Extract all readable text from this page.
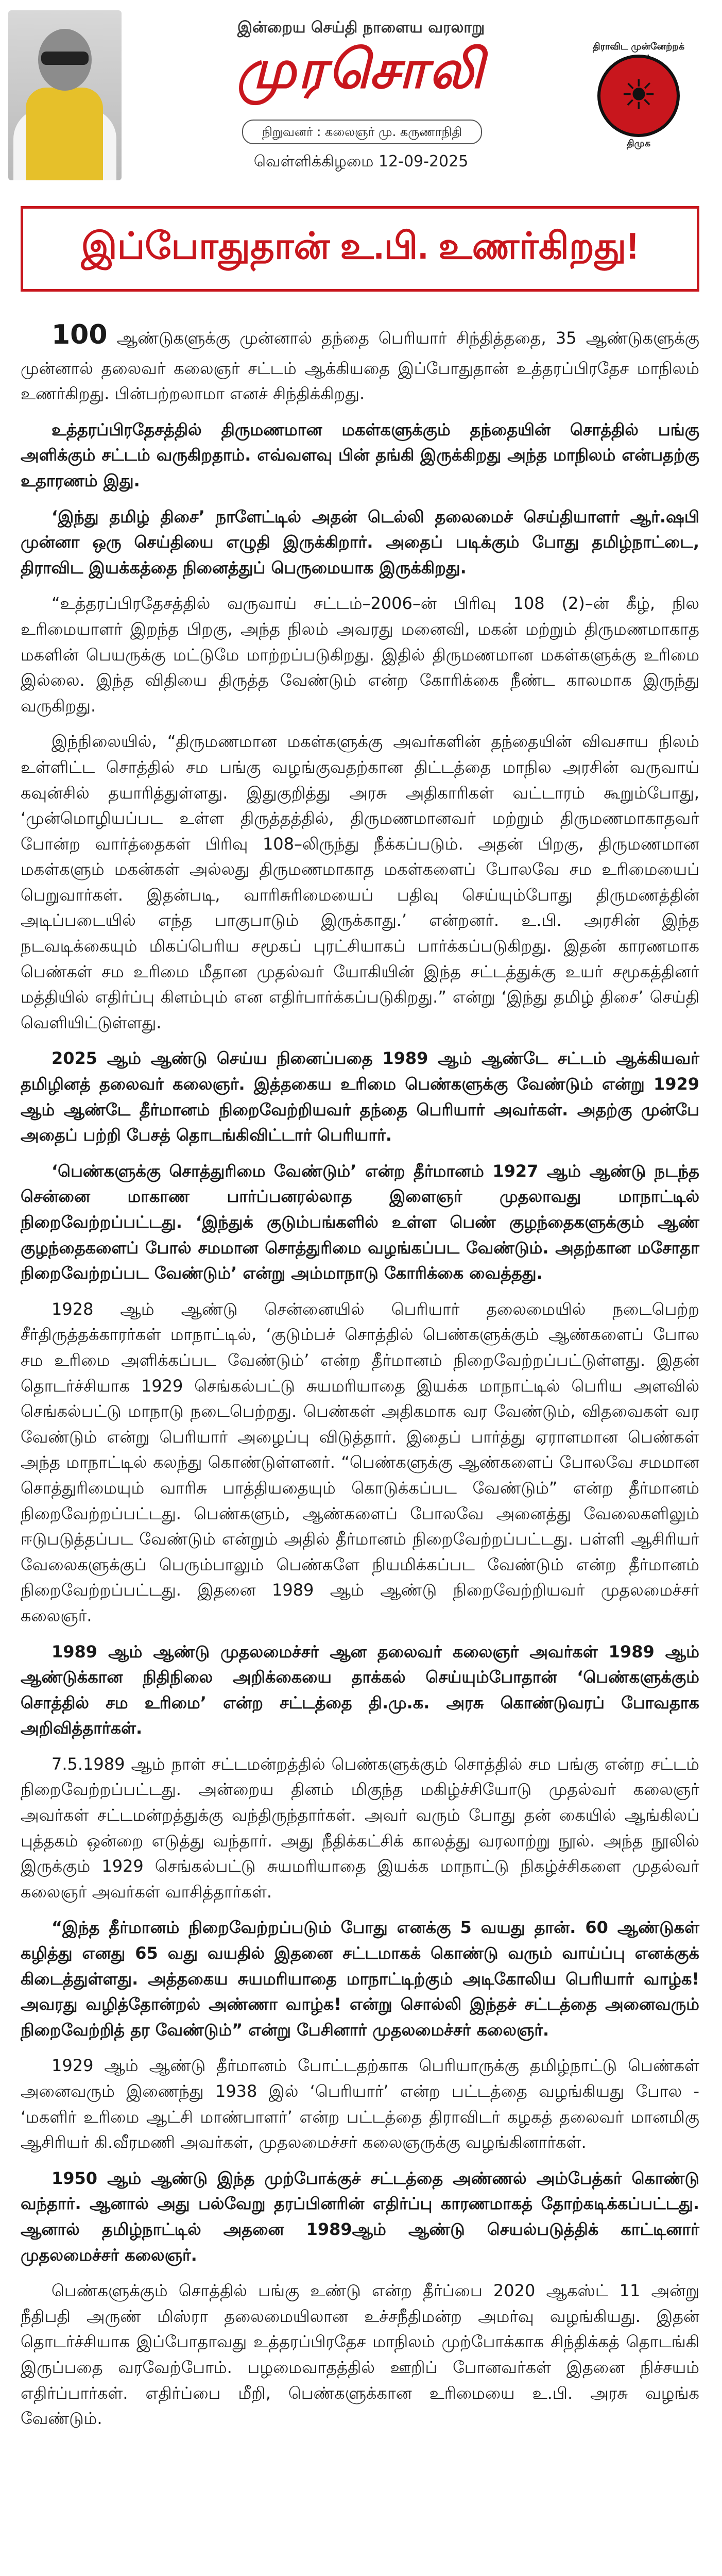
இன்றைய செய்தி நாளைய வரலாறு
முரசொலி
நிறுவனர் : கலைஞர் மு. கருணாநிதி
வெள்ளிக்கிழமை 12-09-2025
திராவிட முன்னேற்றக்
☀
திமுக
இப்போதுதான் உ.பி. உணர்கிறது!

100 ஆண்டுகளுக்கு முன்னால் தந்தை பெரியார் சிந்தித்ததை, 35 ஆண்டுகளுக்கு முன்னால் தலைவர் கலைஞர் சட்டம் ஆக்கியதை இப்போதுதான் உத்தரப்பிரதேச மாநிலம் உணர்கிறது. பின்பற்றலாமா எனச் சிந்திக்கிறது.

உத்தரப்பிரதேசத்தில் திருமணமான மகள்களுக்கும் தந்தையின் சொத்தில் பங்கு அளிக்கும் சட்டம் வருகிறதாம். எவ்வளவு பின் தங்கி இருக்கிறது அந்த மாநிலம் என்பதற்கு உதாரணம் இது.

‘இந்து தமிழ் திசை’ நாளேட்டில் அதன் டெல்லி தலைமைச் செய்தியாளர் ஆர்.ஷபி முன்னா ஒரு செய்தியை எழுதி இருக்கிறார். அதைப் படிக்கும் போது தமிழ்நாட்டை, திராவிட இயக்கத்தை நினைத்துப் பெருமையாக இருக்கிறது.

“உத்தரப்பிரதேசத்தில் வருவாய் சட்டம்–2006–ன் பிரிவு 108 (2)–ன் கீழ், நில உரிமையாளர் இறந்த பிறகு, அந்த நிலம் அவரது மனைவி, மகன் மற்றும் திருமணமாகாத மகளின் பெயருக்கு மட்டுமே மாற்றப்படுகிறது. இதில் திருமணமான மகள்களுக்கு உரிமை இல்லை. இந்த விதியை திருத்த வேண்டும் என்ற கோரிக்கை நீண்ட காலமாக இருந்து வருகிறது.

இந்நிலையில், “திருமணமான மகள்களுக்கு அவர்களின் தந்தையின் விவசாய நிலம் உள்ளிட்ட சொத்தில் சம பங்கு வழங்குவதற்கான திட்டத்தை மாநில அரசின் வருவாய் கவுன்சில் தயாரித்துள்ளது. இதுகுறித்து அரசு அதிகாரிகள் வட்டாரம் கூறும்போது, ‘முன்மொழியப்பட உள்ள திருத்தத்தில், திருமணமானவர் மற்றும் திருமணமாகாதவர் போன்ற வார்த்தைகள் பிரிவு 108–லிருந்து நீக்கப்படும். அதன் பிறகு, திருமணமான மகள்களும் மகன்கள் அல்லது திருமணமாகாத மகள்களைப் போலவே சம உரிமையைப் பெறுவார்கள். இதன்படி, வாரிசுரிமையைப் பதிவு செய்யும்போது திருமணத்தின் அடிப்படையில் எந்த பாகுபாடும் இருக்காது.’ என்றனர். உ.பி. அரசின் இந்த நடவடிக்கையும் மிகப்பெரிய சமூகப் புரட்சியாகப் பார்க்கப்படுகிறது. இதன் காரணமாக பெண்கள் சம உரிமை மீதான முதல்வர் யோகியின் இந்த சட்டத்துக்கு உயர் சமூகத்தினர் மத்தியில் எதிர்ப்பு கிளம்பும் என எதிர்பார்க்கப்படுகிறது.” என்று ‘இந்து தமிழ் திசை’ செய்தி வெளியிட்டுள்ளது.

2025 ஆம் ஆண்டு செய்ய நினைப்பதை 1989 ஆம் ஆண்டே சட்டம் ஆக்கியவர் தமிழினத் தலைவர் கலைஞர். இத்தகைய உரிமை பெண்களுக்கு வேண்டும் என்று 1929 ஆம் ஆண்டே தீர்மானம் நிறைவேற்றியவர் தந்தை பெரியார் அவர்கள். அதற்கு முன்பே அதைப் பற்றி பேசத் தொடங்கிவிட்டார் பெரியார்.

‘பெண்களுக்கு சொத்துரிமை வேண்டும்’ என்ற தீர்மானம் 1927 ஆம் ஆண்டு நடந்த சென்னை மாகாண பார்ப்பனரல்லாத இளைஞர் முதலாவது மாநாட்டில் நிறைவேற்றப்பட்டது. ‘இந்துக் குடும்பங்களில் உள்ள பெண் குழந்தைகளுக்கும் ஆண் குழந்தைகளைப் போல் சமமான சொத்துரிமை வழங்கப்பட வேண்டும். அதற்கான மசோதா நிறைவேற்றப்பட வேண்டும்’ என்று அம்மாநாடு கோரிக்கை வைத்தது.

1928 ஆம் ஆண்டு சென்னையில் பெரியார் தலைமையில் நடைபெற்ற சீர்திருத்தக்காரர்கள் மாநாட்டில், ‘குடும்பச் சொத்தில் பெண்களுக்கும் ஆண்களைப் போல சம உரிமை அளிக்கப்பட வேண்டும்’ என்ற தீர்மானம் நிறைவேற்றப்பட்டுள்ளது. இதன் தொடர்ச்சியாக 1929 செங்கல்பட்டு சுயமரியாதை இயக்க மாநாட்டில் பெரிய அளவில் செங்கல்பட்டு மாநாடு நடைபெற்றது. பெண்கள் அதிகமாக வர வேண்டும், விதவைகள் வர வேண்டும் என்று பெரியார் அழைப்பு விடுத்தார். இதைப் பார்த்து ஏராளமான பெண்கள் அந்த மாநாட்டில் கலந்து கொண்டுள்ளனர். “பெண்களுக்கு ஆண்களைப் போலவே சமமான சொத்துரிமையும் வாரிசு பாத்தியதையும் கொடுக்கப்பட வேண்டும்” என்ற தீர்மானம் நிறைவேற்றப்பட்டது. பெண்களும், ஆண்களைப் போலவே அனைத்து வேலைகளிலும் ஈடுபடுத்தப்பட வேண்டும் என்றும் அதில் தீர்மானம் நிறைவேற்றப்பட்டது. பள்ளி ஆசிரியர் வேலைகளுக்குப் பெரும்பாலும் பெண்களே நியமிக்கப்பட வேண்டும் என்ற தீர்மானம் நிறைவேற்றப்பட்டது. இதனை 1989 ஆம் ஆண்டு நிறைவேற்றியவர் முதலமைச்சர் கலைஞர்.

1989 ஆம் ஆண்டு முதலமைச்சர் ஆன தலைவர் கலைஞர் அவர்கள் 1989 ஆம் ஆண்டுக்கான நிதிநிலை அறிக்கையை தாக்கல் செய்யும்போதான் ‘பெண்களுக்கும் சொத்தில் சம உரிமை’ என்ற சட்டத்தை தி.மு.க. அரசு கொண்டுவரப் போவதாக அறிவித்தார்கள்.

7.5.1989 ஆம் நாள் சட்டமன்றத்தில் பெண்களுக்கும் சொத்தில் சம பங்கு என்ற சட்டம் நிறைவேற்றப்பட்டது. அன்றைய தினம் மிகுந்த மகிழ்ச்சியோடு முதல்வர் கலைஞர் அவர்கள் சட்டமன்றத்துக்கு வந்திருந்தார்கள். அவர் வரும் போது தன் கையில் ஆங்கிலப் புத்தகம் ஒன்றை எடுத்து வந்தார். அது நீதிக்கட்சிக் காலத்து வரலாற்று நூல். அந்த நூலில் இருக்கும் 1929 செங்கல்பட்டு சுயமரியாதை இயக்க மாநாட்டு நிகழ்ச்சிகளை முதல்வர் கலைஞர் அவர்கள் வாசித்தார்கள்.

“இந்த தீர்மானம் நிறைவேற்றப்படும் போது எனக்கு 5 வயது தான். 60 ஆண்டுகள் கழித்து எனது 65 வது வயதில் இதனை சட்டமாகக் கொண்டு வரும் வாய்ப்பு எனக்குக் கிடைத்துள்ளது. அத்தகைய சுயமரியாதை மாநாட்டிற்கும் அடிகோலிய பெரியார் வாழ்க! அவரது வழித்தோன்றல் அண்ணா வாழ்க! என்று சொல்லி இந்தச் சட்டத்தை அனைவரும் நிறைவேற்றித் தர வேண்டும்” என்று பேசினார் முதலமைச்சர் கலைஞர்.

1929 ஆம் ஆண்டு தீர்மானம் போட்டதற்காக பெரியாருக்கு தமிழ்நாட்டு பெண்கள் அனைவரும் இணைந்து 1938 இல் ‘பெரியார்’ என்ற பட்டத்தை வழங்கியது போல - ‘மகளிர் உரிமை ஆட்சி மாண்பாளர்’ என்ற பட்டத்தை திராவிடர் கழகத் தலைவர் மானமிகு ஆசிரியர் கி.வீரமணி அவர்கள், முதலமைச்சர் கலைஞருக்கு வழங்கினார்கள்.

1950 ஆம் ஆண்டு இந்த முற்போக்குச் சட்டத்தை அண்ணல் அம்பேத்கர் கொண்டு வந்தார். ஆனால் அது பல்வேறு தரப்பினரின் எதிர்ப்பு காரணமாகத் தோற்கடிக்கப்பட்டது. ஆனால் தமிழ்நாட்டில் அதனை 1989ஆம் ஆண்டு செயல்படுத்திக் காட்டினார் முதலமைச்சர் கலைஞர்.

பெண்களுக்கும் சொத்தில் பங்கு உண்டு என்ற தீர்ப்பை 2020 ஆகஸ்ட் 11 அன்று நீதிபதி அருண் மிஸ்ரா தலைமையிலான உச்சநீதிமன்ற அமர்வு வழங்கியது. இதன் தொடர்ச்சியாக இப்போதாவது உத்தரப்பிரதேச மாநிலம் முற்போக்காக சிந்திக்கத் தொடங்கி இருப்பதை வரவேற்போம். பழமைவாதத்தில் ஊறிப் போனவர்கள் இதனை நிச்சயம் எதிர்ப்பார்கள். எதிர்ப்பை மீறி, பெண்களுக்கான உரிமையை உ.பி. அரசு வழங்க வேண்டும்.
